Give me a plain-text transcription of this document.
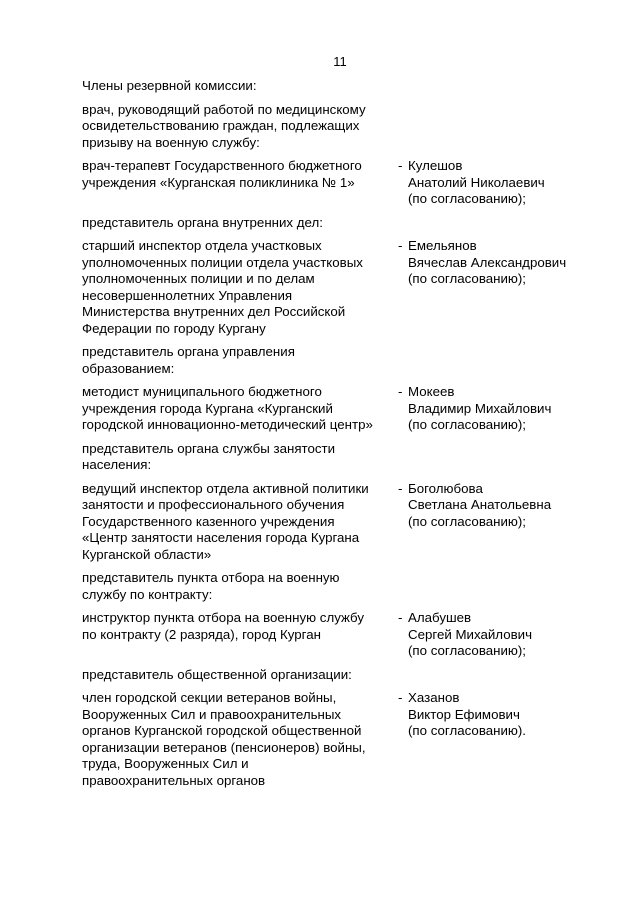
11
Члены резервной комиссии:
врач, руководящий работой по медицинскому
освидетельствованию граждан, подлежащих
призыву на военную службу:
врач-терапевт Государственного бюджетного
учреждения «Курганская поликлиника № 1»
- Кулешов
Анатолий Николаевич
(по согласованию);
представитель органа внутренних дел:
старший инспектор отдела участковых
уполномоченных полиции отдела участковых
уполномоченных полиции и по делам
несовершеннолетних Управления
Министерства внутренних дел Российской
Федерации по городу Кургану
- Емельянов
Вячеслав Александрович
(по согласованию);
представитель органа управления
образованием:
методист муниципального бюджетного
учреждения города Кургана «Курганский
городской инновационно-методический центр»
- Мокеев
Владимир Михайлович
(по согласованию);
представитель органа службы занятости
населения:
ведущий инспектор отдела активной политики
занятости и профессионального обучения
Государственного казенного учреждения
«Центр занятости населения города Кургана
Курганской области»
- Боголюбова
Светлана Анатольевна
(по согласованию);
представитель пункта отбора на военную
службу по контракту:
инструктор пункта отбора на военную службу
по контракту (2 разряда), город Курган
- Алабушев
Сергей Михайлович
(по согласованию);
представитель общественной организации:
член городской секции ветеранов войны,
Вооруженных Сил и правоохранительных
органов Курганской городской общественной
организации ветеранов (пенсионеров) войны,
труда, Вооруженных Сил и
правоохранительных органов
- Хазанов
Виктор Ефимович
(по согласованию).
